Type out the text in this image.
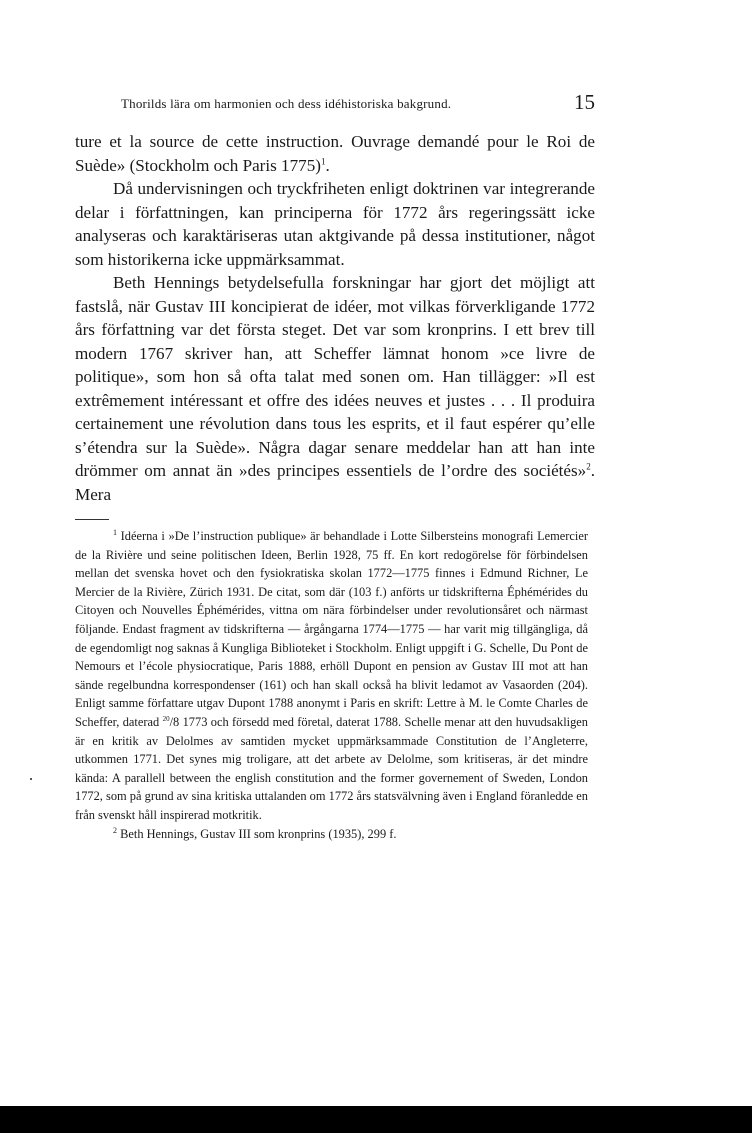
Thorilds lära om harmonien och dess idéhistoriska bakgrund.	15

ture et la source de cette instruction. Ouvrage demandé pour le Roi de Suède» (Stockholm och Paris 1775)$^1$.

Då undervisningen och tryckfriheten enligt doktrinen var integrerande delar i författningen, kan principerna för 1772 års regeringssätt icke analyseras och karaktäriseras utan aktgivande på dessa institutioner, något som historikerna icke uppmärksammat.

Beth Hennings betydelsefulla forskningar har gjort det möjligt att fastslå, när Gustav III koncipierat de idéer, mot vilkas förverkligande 1772 års författning var det första steget. Det var som kronprins. I ett brev till modern 1767 skriver han, att Scheffer lämnat honom »ce livre de politique», som hon så ofta talat med sonen om. Han tillägger: »Il est extrêmement intéressant et offre des idées neuves et justes . . . Il produira certainement une révolution dans tous les esprits, et il faut espérer qu’elle s’étendra sur la Suède». Några dagar senare meddelar han att han inte drömmer om annat än »des principes essentiels de l’ordre des sociétés»$^2$. Mera

$^1$ Idéerna i »De l’instruction publique» är behandlade i Lotte Silbersteins monografi Lemercier de la Rivière und seine politischen Ideen, Berlin 1928, 75 ff. En kort redogörelse för förbindelsen mellan det svenska hovet och den fysiokratiska skolan 1772—1775 finnes i Edmund Richner, Le Mercier de la Rivière, Zürich 1931. De citat, som där (103 f.) anförts ur tidskrifterna Éphémérides du Citoyen och Nouvelles Éphémérides, vittna om nära förbindelser under revolutionsåret och närmast följande. Endast fragment av tidskrifterna — årgångarna 1774—1775 — har varit mig tillgängliga, då de egendomligt nog saknas å Kungliga Biblioteket i Stockholm. Enligt uppgift i G. Schelle, Du Pont de Nemours et l’école physiocratique, Paris 1888, erhöll Dupont en pension av Gustav III mot att han sände regelbundna korrespondenser (161) och han skall också ha blivit ledamot av Vasaorden (204). Enligt samme författare utgav Dupont 1788 anonymt i Paris en skrift: Lettre à M. le Comte Charles de Scheffer, daterad $^{20}$/8 1773 och försedd med företal, daterat 1788. Schelle menar att den huvudsakligen är en kritik av Delolmes av samtiden mycket uppmärksammade Constitution de l’Angleterre, utkommen 1771. Det synes mig troligare, att det arbete av Delolme, som kritiseras, är det mindre kända: A parallell between the english constitution and the former governement of Sweden, London 1772, som på grund av sina kritiska uttalanden om 1772 års statsvälvning även i England föranledde en från svenskt håll inspirerad motkritik.

$^2$ Beth Hennings, Gustav III som kronprins (1935), 299 f.
